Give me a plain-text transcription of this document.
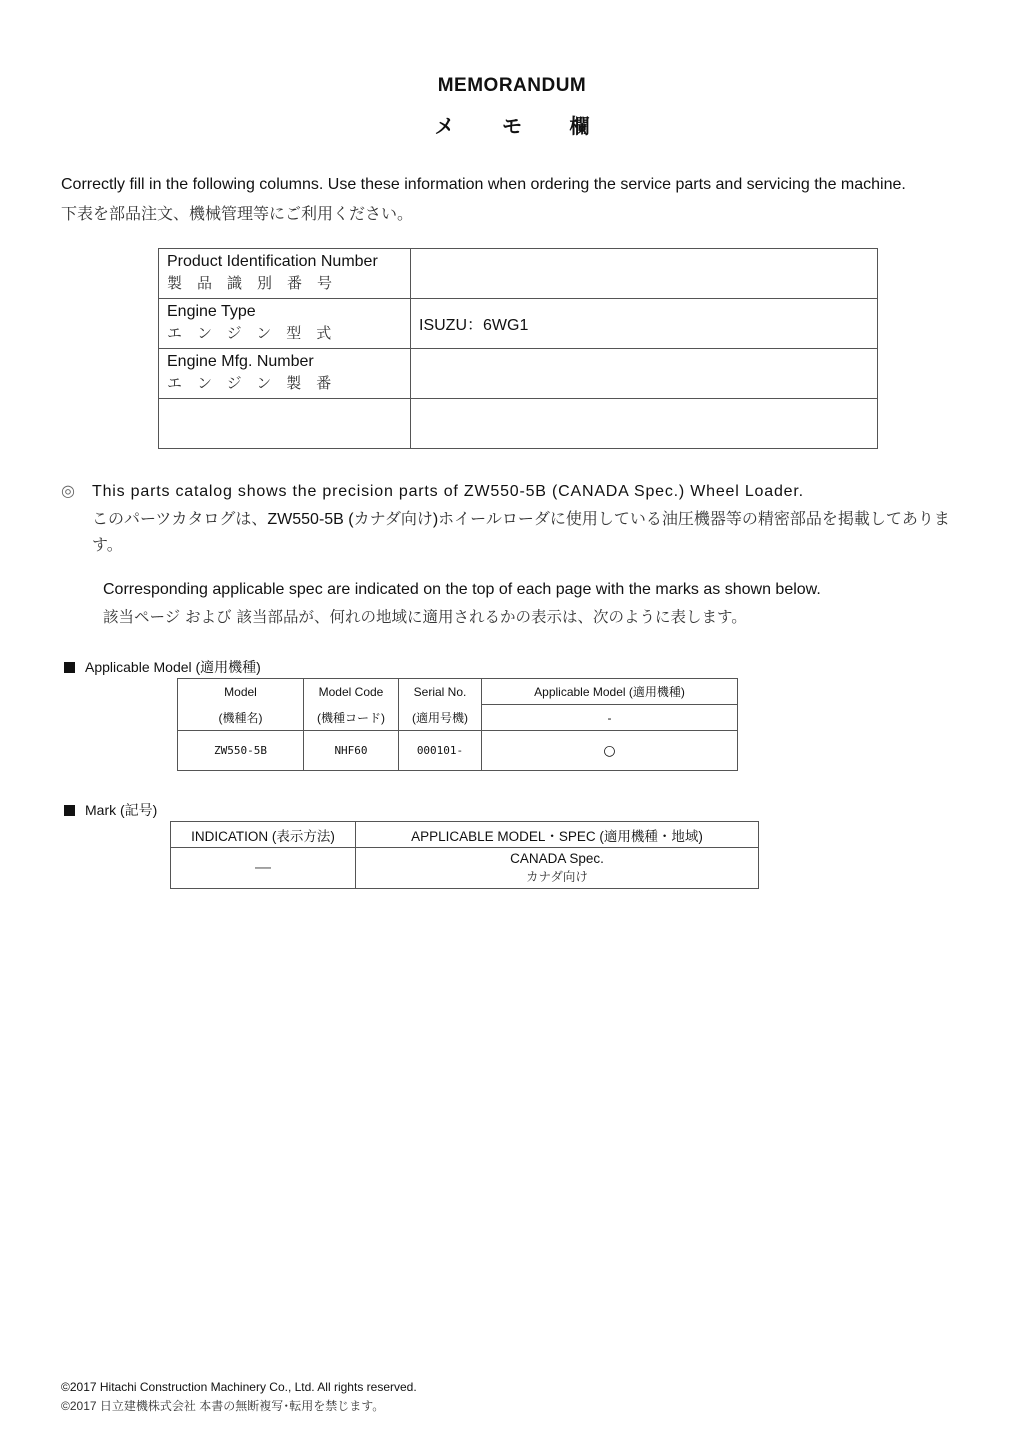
MEMORANDUM
メ モ 欄
Correctly fill in the following columns. Use these information when ordering the service parts and servicing the machine.
下表を部品注文、機械管理等にご利用ください。
Product Identification Number
製品識別番号	

Engine Type
エンジン型式	ISUZU：6WG1

Engine Mfg. Number
エンジン製番	

◎ This parts catalog shows the precision parts of ZW550-5B (CANADA Spec.) Wheel Loader.
このパーツカタログは、ZW550-5B (カナダ向け)ホイールローダに使用している油圧機器等の精密部品を掲載してあります。
Corresponding applicable spec are indicated on the top of each page with the marks as shown below.
該当ページ および 該当部品が、何れの地域に適用されるかの表示は、次のように表します。
Applicable Model (適用機種)
Model	Model Code	Serial No.	Applicable Model (適用機種)
(機種名)	(機種コード)	(適用号機)	-
ZW550-5B	NHF60	000101-	○
Mark (記号)
INDICATION (表示方法)	APPLICABLE MODEL・SPEC (適用機種・地域)
—	CANADA Spec.
カナダ向け
©2017 Hitachi Construction Machinery Co., Ltd. All rights reserved.
©2017 日立建機株式会社 本書の無断複写･転用を禁じます。
